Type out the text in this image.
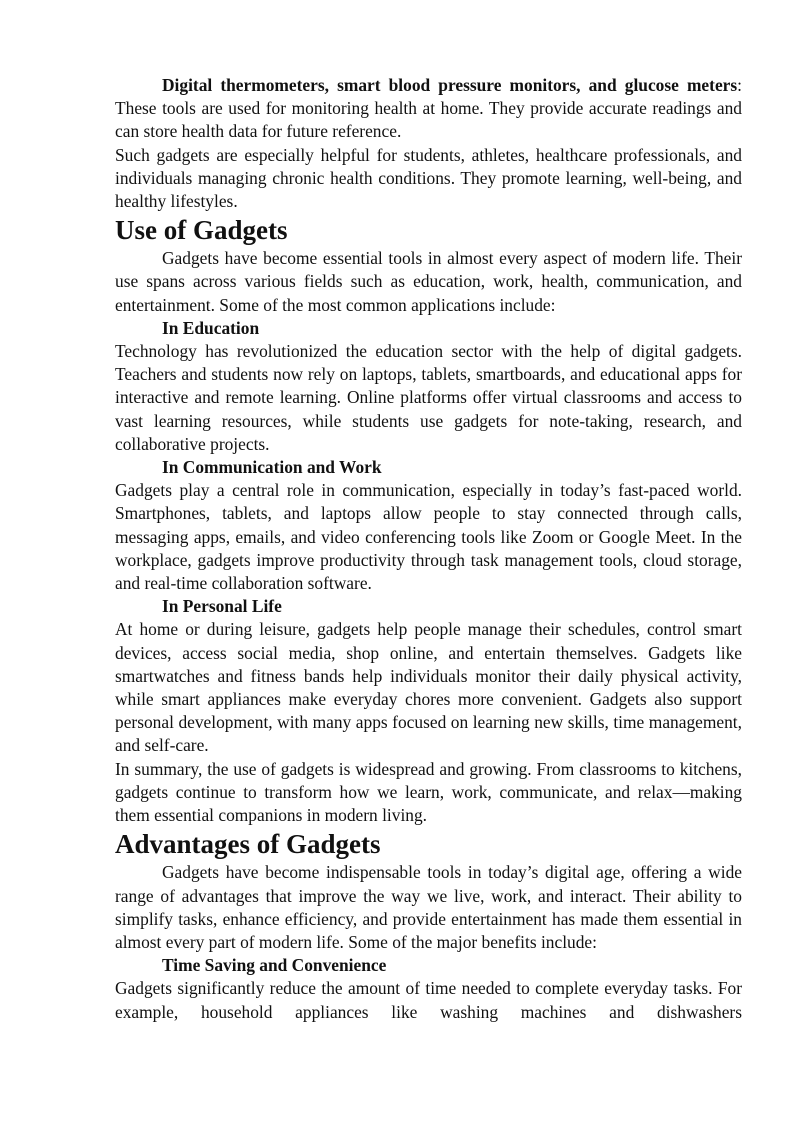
Digital thermometers, smart blood pressure monitors, and glucose meters: These tools are used for monitoring health at home. They provide accurate readings and can store health data for future reference.

Such gadgets are especially helpful for students, athletes, healthcare professionals, and individuals managing chronic health conditions. They promote learning, well-being, and healthy lifestyles.

Use of Gadgets

Gadgets have become essential tools in almost every aspect of modern life. Their use spans across various fields such as education, work, health, communication, and entertainment. Some of the most common applications include:

In Education

Technology has revolutionized the education sector with the help of digital gadgets. Teachers and students now rely on laptops, tablets, smartboards, and educational apps for interactive and remote learning. Online platforms offer virtual classrooms and access to vast learning resources, while students use gadgets for note-taking, research, and collaborative projects.

In Communication and Work

Gadgets play a central role in communication, especially in today’s fast-paced world. Smartphones, tablets, and laptops allow people to stay connected through calls, messaging apps, emails, and video conferencing tools like Zoom or Google Meet. In the workplace, gadgets improve productivity through task management tools, cloud storage, and real-time collaboration software.

In Personal Life

At home or during leisure, gadgets help people manage their schedules, control smart devices, access social media, shop online, and entertain themselves. Gadgets like smartwatches and fitness bands help individuals monitor their daily physical activity, while smart appliances make everyday chores more convenient. Gadgets also support personal development, with many apps focused on learning new skills, time management, and self-care.

In summary, the use of gadgets is widespread and growing. From classrooms to kitchens, gadgets continue to transform how we learn, work, communicate, and relax—making them essential companions in modern living.

Advantages of Gadgets

Gadgets have become indispensable tools in today’s digital age, offering a wide range of advantages that improve the way we live, work, and interact. Their ability to simplify tasks, enhance efficiency, and provide entertainment has made them essential in almost every part of modern life. Some of the major benefits include:

Time Saving and Convenience

Gadgets significantly reduce the amount of time needed to complete everyday tasks. For example, household appliances like washing machines and dishwashers
